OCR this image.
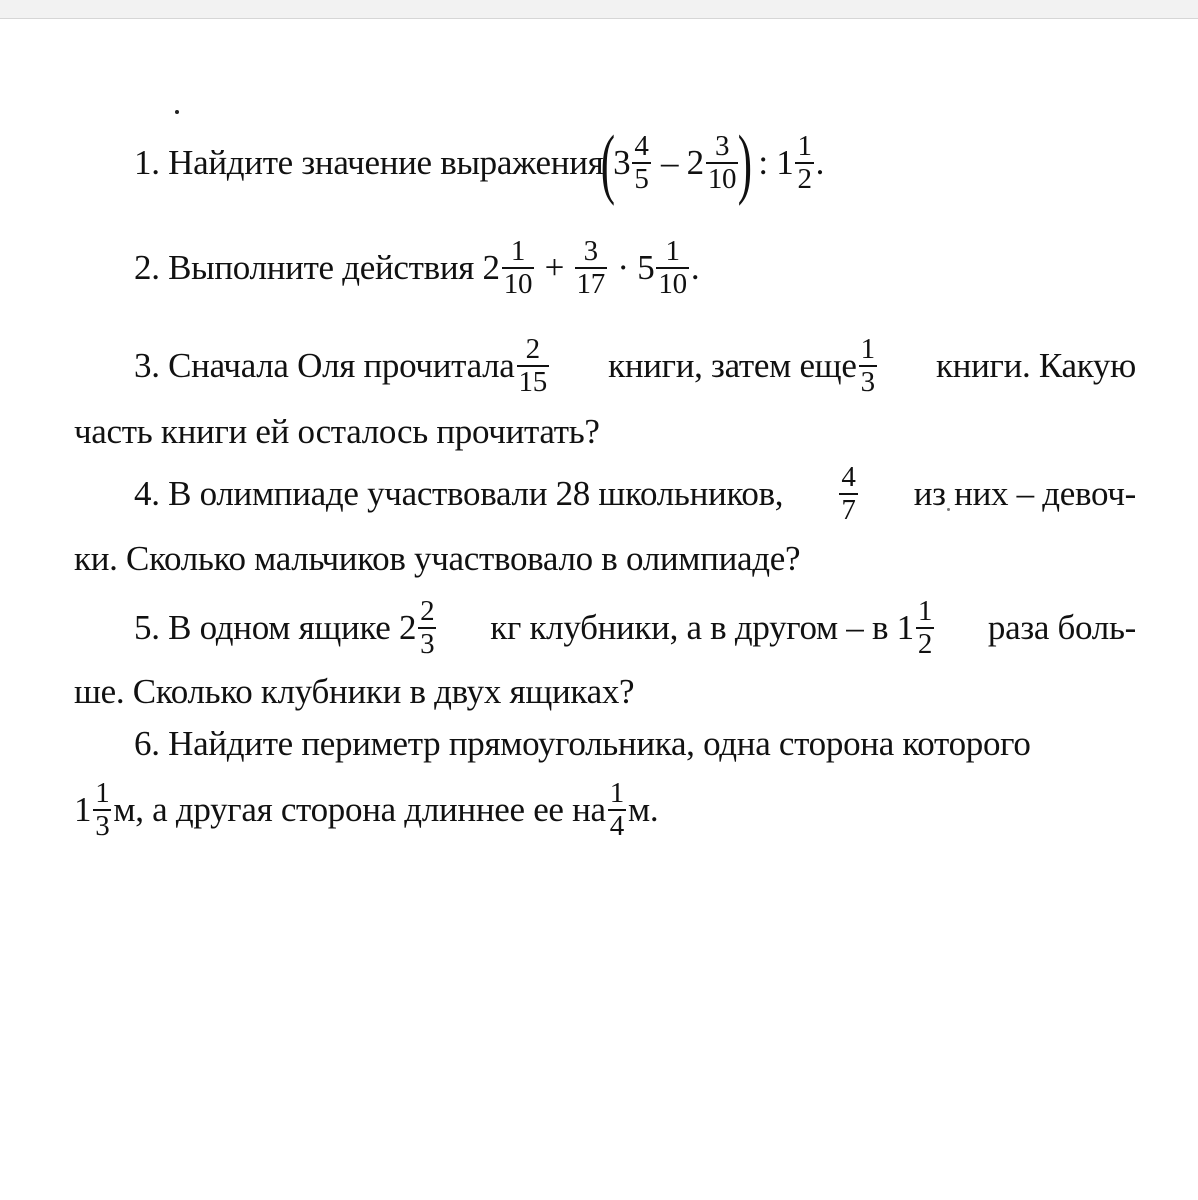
1.
Найдите значение выражения
(
$3 \frac{4}{5}$
–
$2 \frac{3}{10}$ )
: $1 \frac{1}{2}$ .
2.
Выполните действия $2 \frac{1}{10}$
+
$\frac{3}{17}$
· $5 \frac{1}{10}$ .
3.
Сначала Оля прочитала $\frac{2}{15}$ книги, затем еще $\frac{1}{3}$ книги. Какую
часть книги ей осталось прочитать?
4.
В олимпиаде участвовали 28 школьников, $\frac{4}{7}$ из них – девоч-
ки. Сколько мальчиков участвовало в олимпиаде?
5.
В одном ящике $2 \frac{2}{3}$ кг клубники, а в другом – в $1 \frac{1}{2}$ раза боль-
ше. Сколько клубники в двух ящиках?
6.
Найдите периметр прямоугольника, одна сторона которого
$1 \frac{1}{3} м$, а другая сторона длиннее ее на $\frac{1}{4} м$.
